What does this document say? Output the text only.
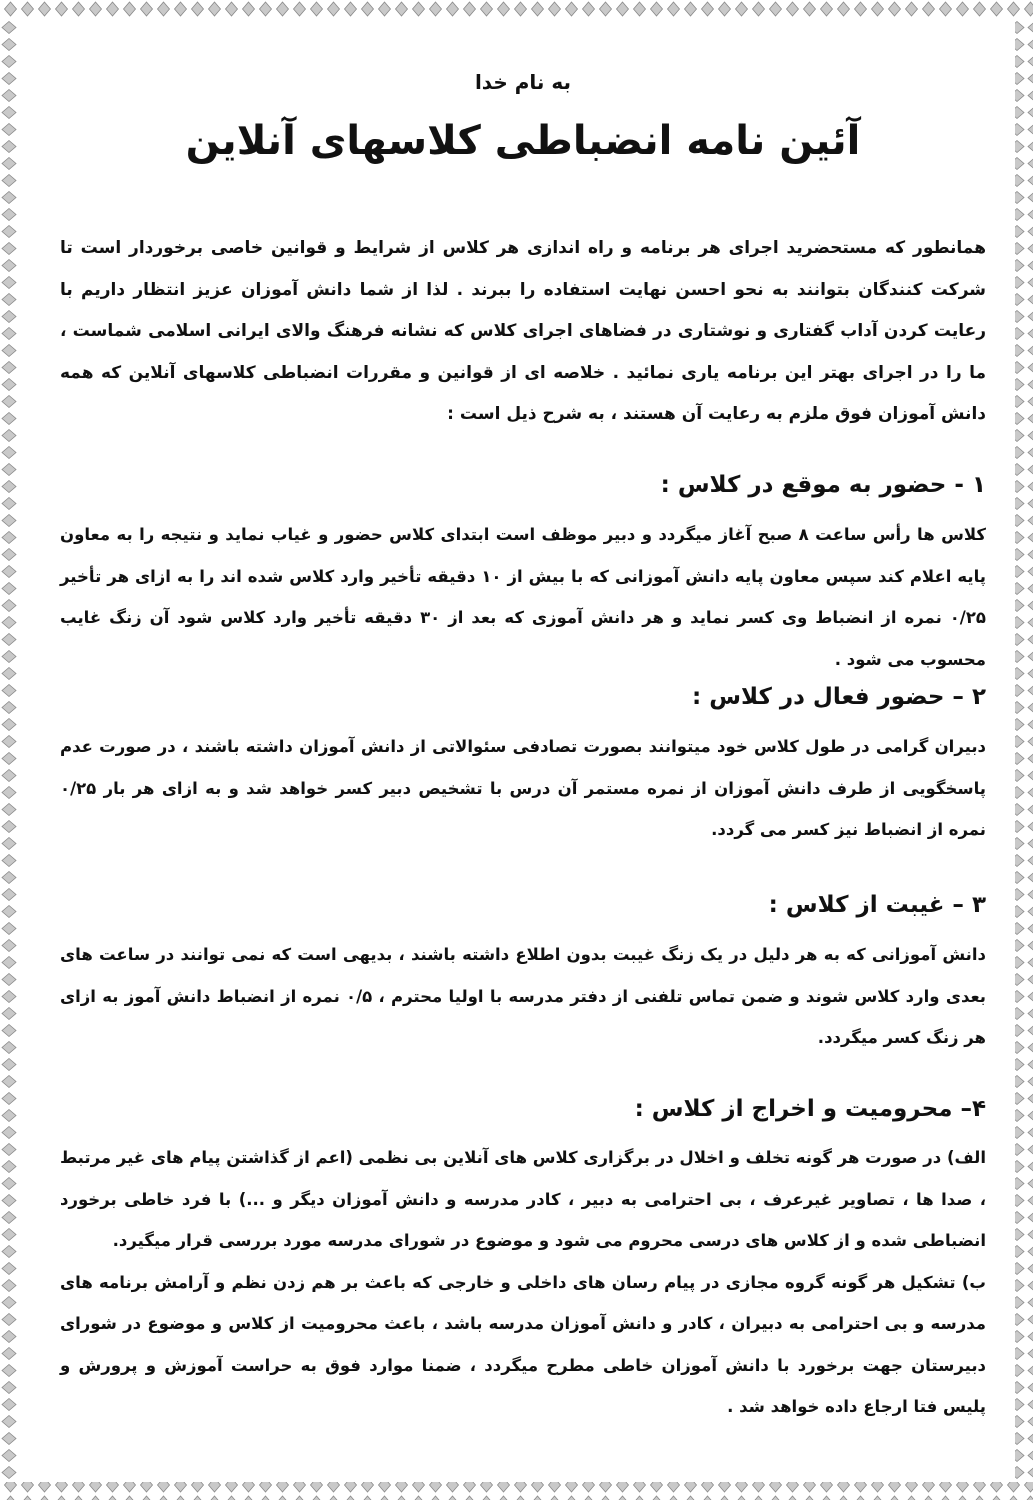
به نام خدا
آئین نامه انضباطی کلاسهای آنلاین

همانطور که مستحضرید اجرای هر برنامه و راه اندازی هر کلاس از شرایط و قوانین خاصی برخوردار است تا شرکت کنندگان بتوانند به نحو احسن نهایت استفاده را ببرند . لذا از شما دانش آموزان عزیز انتظار داریم با رعایت کردن آداب گفتاری و نوشتاری در فضاهای اجرای کلاس که نشانه فرهنگ والای ایرانی اسلامی شماست ، ما را در اجرای بهتر این برنامه یاری نمائید . خلاصه ای از قوانین و مقررات انضباطی کلاسهای آنلاین که همه دانش آموزان فوق ملزم به رعایت آن هستند ، به شرح ذیل است :

۱ - حضور به موقع در کلاس :

کلاس ها رأس ساعت ۸ صبح آغاز میگردد و دبیر موظف است ابتدای کلاس حضور و غیاب نماید و نتیجه را به معاون پایه اعلام کند سپس معاون پایه دانش آموزانی که با بیش از ۱۰ دقیقه تأخیر وارد کلاس شده اند را به ازای هر تأخیر ۰/۲۵ نمره از انضباط وی کسر نماید و هر دانش آموزی که بعد از ۳۰ دقیقه تأخیر وارد کلاس شود آن زنگ غایب محسوب می شود .

۲ – حضور فعال در کلاس :

دبیران گرامی در طول کلاس خود میتوانند بصورت تصادفی سئوالاتی از دانش آموزان داشته باشند ، در صورت عدم پاسخگویی از طرف دانش آموزان از نمره مستمر آن درس با تشخیص دبیر کسر خواهد شد و به ازای هر بار ۰/۲۵ نمره از انضباط نیز کسر می گردد.

۳ – غیبت از کلاس :

دانش آموزانی که به هر دلیل در یک زنگ غیبت بدون اطلاع داشته باشند ، بدیهی است که نمی توانند در ساعت های بعدی وارد کلاس شوند و ضمن تماس تلفنی از دفتر مدرسه با اولیا محترم ، ۰/۵ نمره از انضباط دانش آموز به ازای هر زنگ کسر میگردد.

۴– محرومیت و اخراج از کلاس :

الف) در صورت هر گونه تخلف و اخلال در برگزاری کلاس های آنلاین بی نظمی (اعم از گذاشتن پیام های غیر مرتبط ، صدا ها ، تصاویر غیرعرف ، بی احترامی به دبیر ، کادر مدرسه و دانش آموزان دیگر و ...) با فرد خاطی برخورد انضباطی شده و از کلاس های درسی محروم می شود و موضوع در شورای مدرسه مورد بررسی قرار میگیرد.

ب) تشکیل هر گونه گروه مجازی در پیام رسان های داخلی و خارجی که باعث بر هم زدن نظم و آرامش برنامه های مدرسه و بی احترامی به دبیران ، کادر و دانش آموزان مدرسه باشد ، باعث محرومیت از کلاس و موضوع در شورای دبیرستان جهت برخورد با دانش آموزان خاطی مطرح میگردد ، ضمنا موارد فوق به حراست آموزش و پرورش و پلیس فتا ارجاع داده خواهد شد .
